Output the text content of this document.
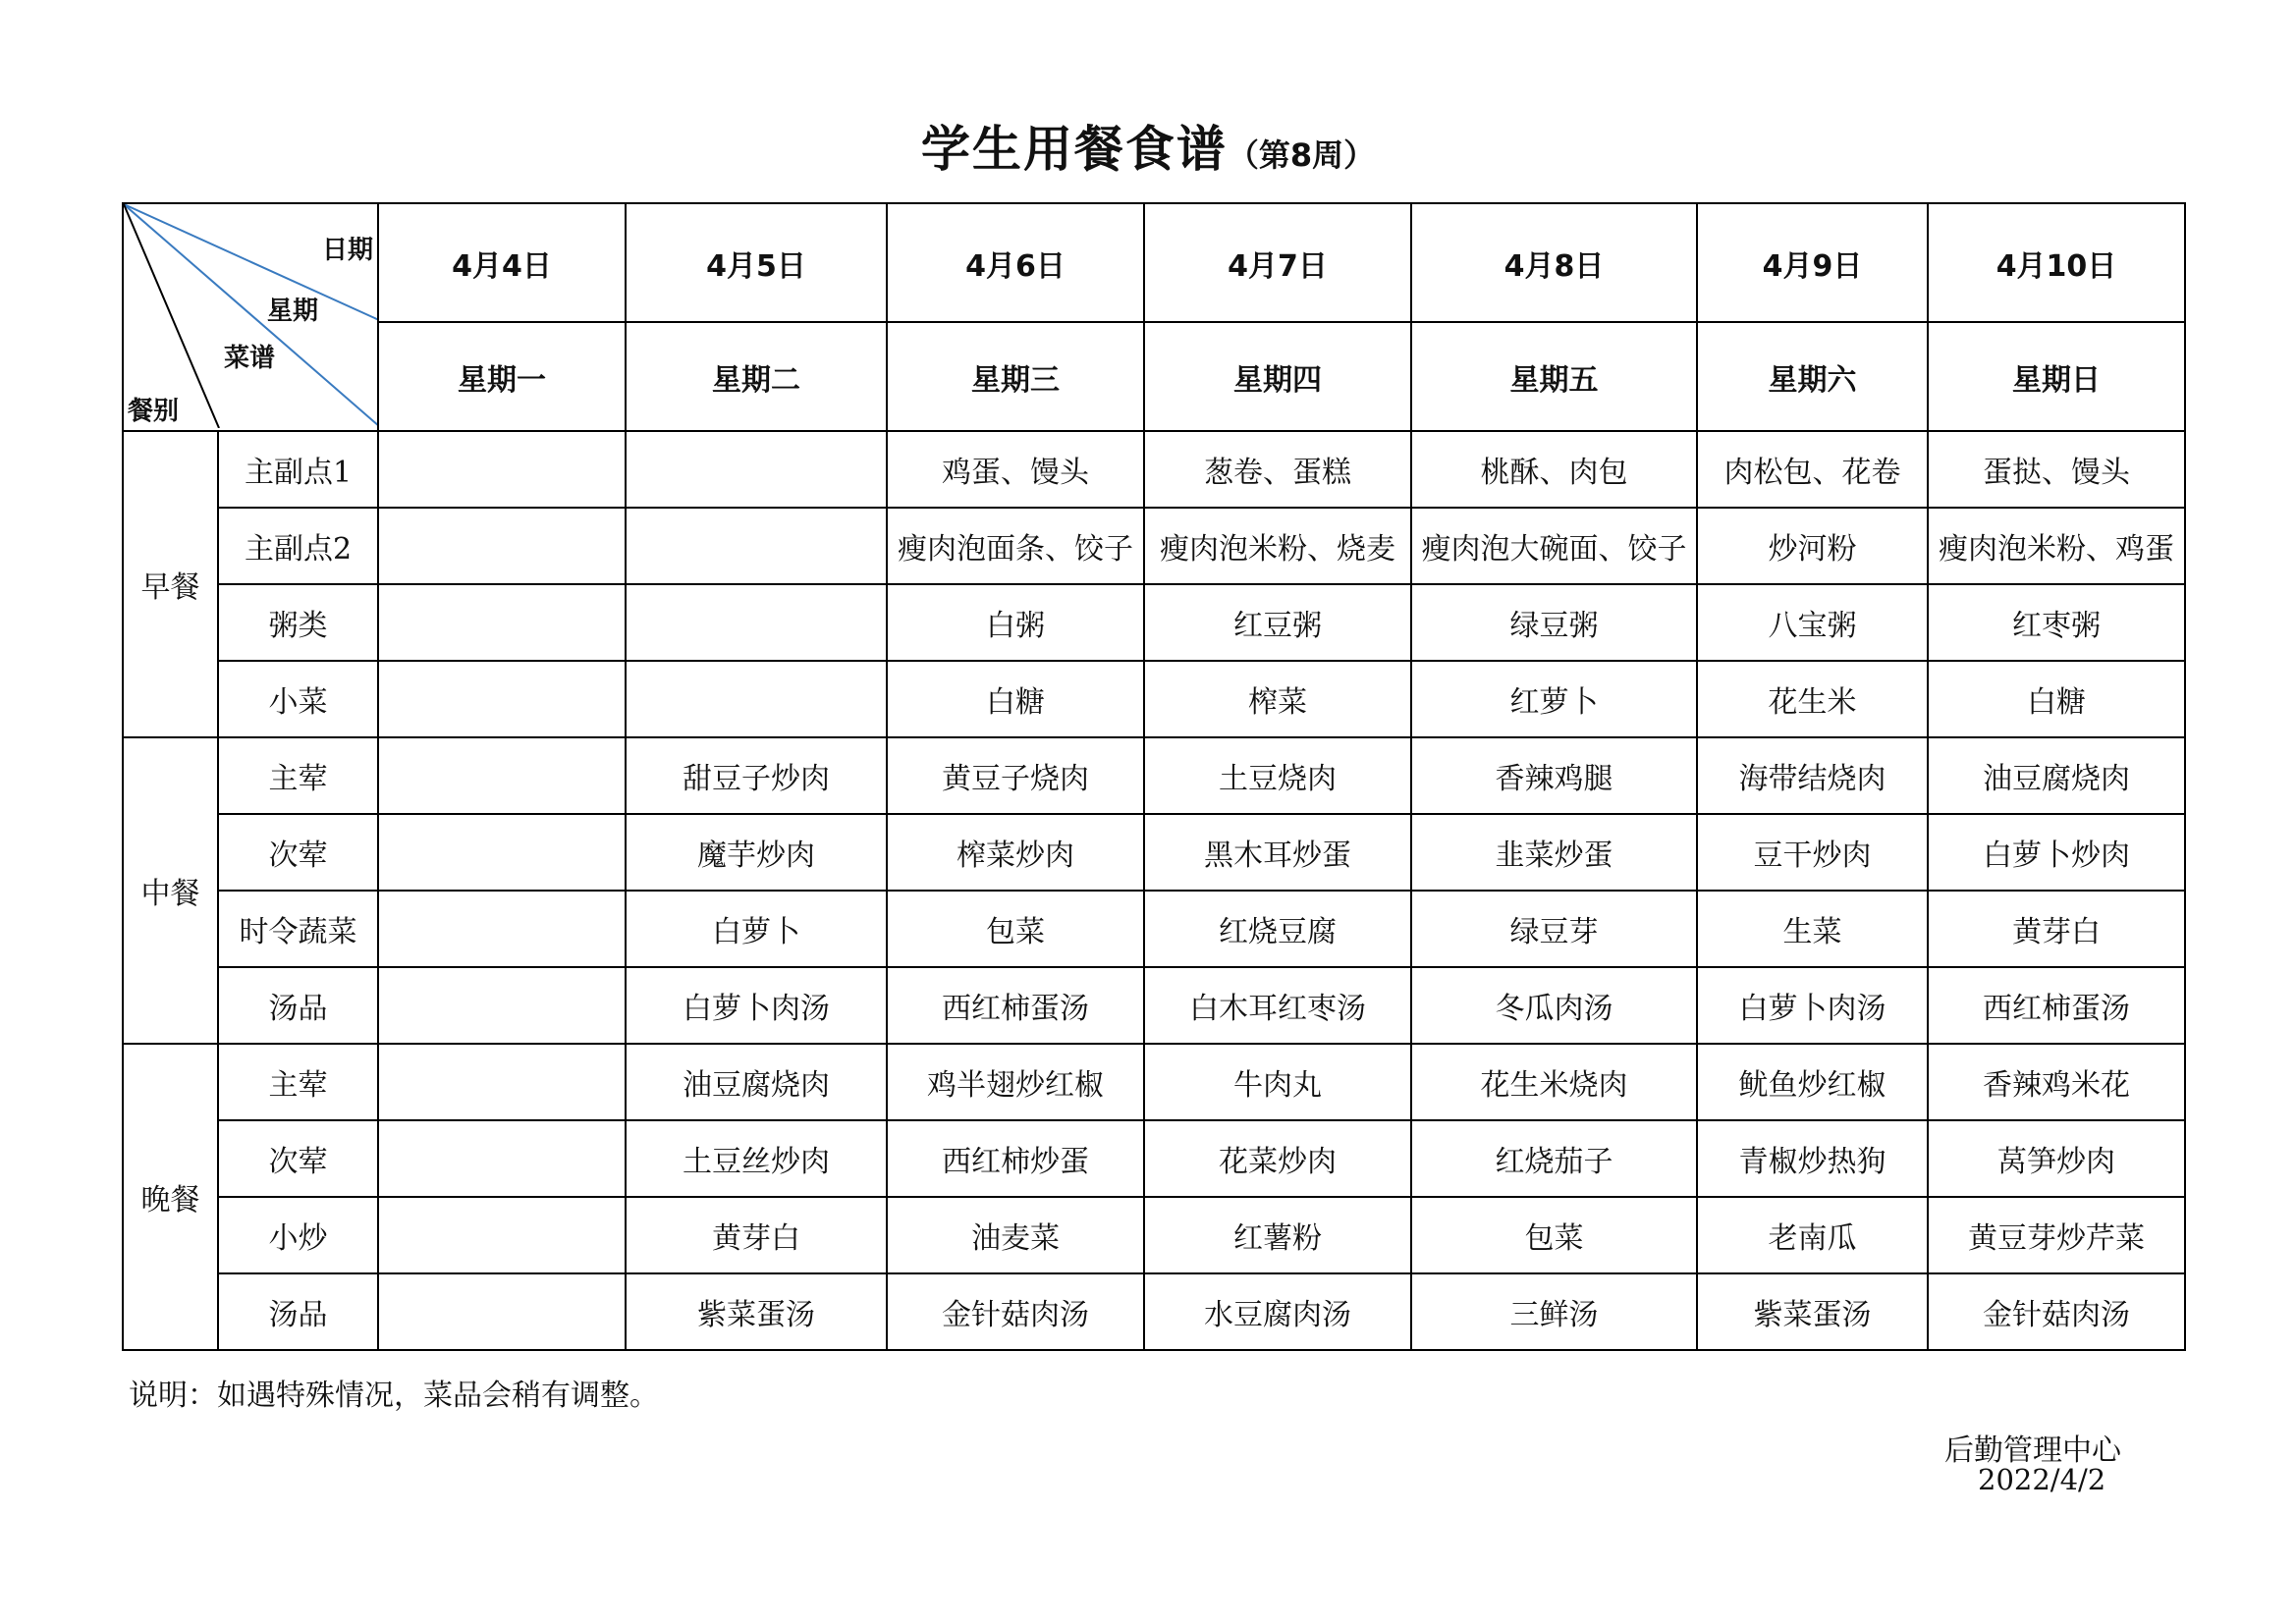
学生用餐食谱（第8周）
日期
星期
菜谱
餐别		4月4日	4月5日	4月6日	4月7日	4月8日	4月9日	4月10日
		星期一	星期二	星期三	星期四	星期五	星期六	星期日
早餐	主副点1			鸡蛋、馒头	葱卷、蛋糕	桃酥、肉包	肉松包、花卷	蛋挞、馒头
	主副点2			瘦肉泡面条、饺子	瘦肉泡米粉、烧麦	瘦肉泡大碗面、饺子	炒河粉	瘦肉泡米粉、鸡蛋
	粥类			白粥	红豆粥	绿豆粥	八宝粥	红枣粥
	小菜			白糖	榨菜	红萝卜	花生米	白糖
中餐	主荤		甜豆子炒肉	黄豆子烧肉	土豆烧肉	香辣鸡腿	海带结烧肉	油豆腐烧肉
	次荤		魔芋炒肉	榨菜炒肉	黑木耳炒蛋	韭菜炒蛋	豆干炒肉	白萝卜炒肉
	时令蔬菜		白萝卜	包菜	红烧豆腐	绿豆芽	生菜	黄芽白
	汤品		白萝卜肉汤	西红柿蛋汤	白木耳红枣汤	冬瓜肉汤	白萝卜肉汤	西红柿蛋汤
晚餐	主荤		油豆腐烧肉	鸡半翅炒红椒	牛肉丸	花生米烧肉	鱿鱼炒红椒	香辣鸡米花
	次荤		土豆丝炒肉	西红柿炒蛋	花菜炒肉	红烧茄子	青椒炒热狗	莴笋炒肉
	小炒		黄芽白	油麦菜	红薯粉	包菜	老南瓜	黄豆芽炒芹菜
	汤品		紫菜蛋汤	金针菇肉汤	水豆腐肉汤	三鲜汤	紫菜蛋汤	金针菇肉汤
说明：如遇特殊情况，菜品会稍有调整。
后勤管理中心
2022/4/2
